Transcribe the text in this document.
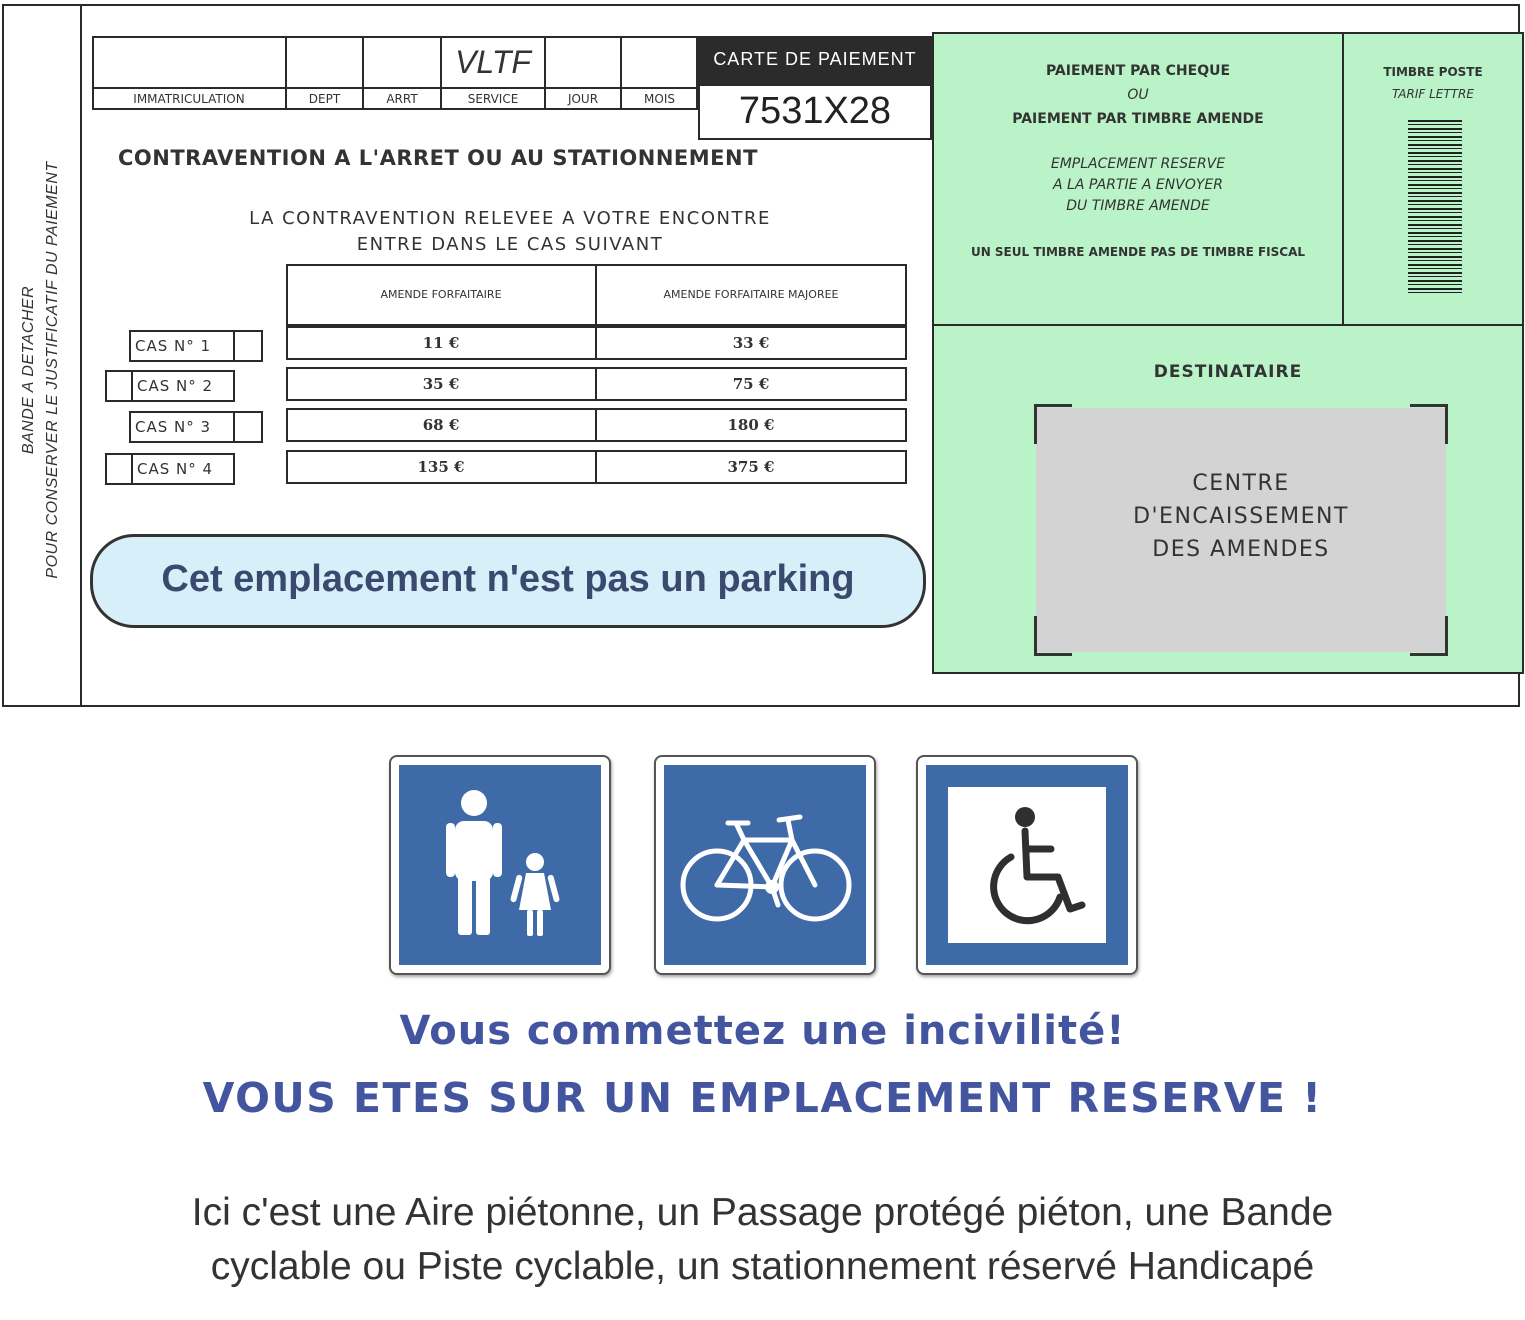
BANDE A DETACHER POUR CONSERVER LE JUSTIFICATIF DU PAIEMENT
VLTF
IMMATRICULATION	DEPT	ARRT	SERVICE	JOUR	MOIS
CARTE DE PAIEMENT
7531X28
CONTRAVENTION A L'ARRET OU AU STATIONNEMENT
LA CONTRAVENTION RELEVEE A VOTRE ENCONTRE
ENTRE DANS LE CAS SUIVANT
AMENDE FORFAITAIRE	AMENDE FORFAITAIRE MAJOREE
CAS N° 1	11 €	33 €
CAS N° 2	35 €	75 €
CAS N° 3	68 €	180 €
CAS N° 4	135 €	375 €
Cet emplacement n'est pas un parking
PAIEMENT PAR CHEQUE
OU
PAIEMENT PAR TIMBRE AMENDE
EMPLACEMENT RESERVE
A LA PARTIE A ENVOYER
DU TIMBRE AMENDE
UN SEUL TIMBRE AMENDE PAS DE TIMBRE FISCAL
TIMBRE POSTE
TARIF LETTRE
DESTINATAIRE
CENTRE
D'ENCAISSEMENT
DES AMENDES
Vous commettez une incivilité!
VOUS ETES SUR UN EMPLACEMENT RESERVE !
Ici c'est une Aire piétonne, un Passage protégé piéton, une Bande
cyclable ou Piste cyclable, un stationnement réservé Handicapé
